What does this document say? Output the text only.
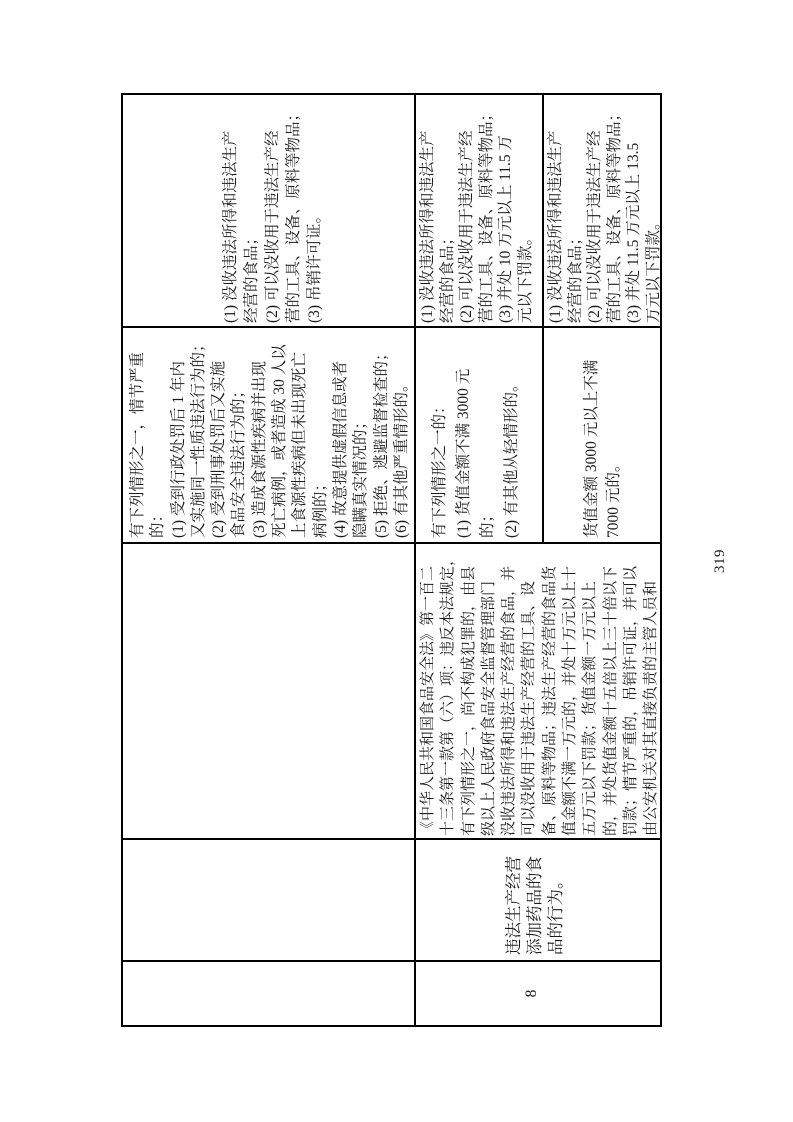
有下列情形之一，情节严重 的： (1) 受到行政处罚后 1 年内 又实施同一性质违法行为的； (2) 受到刑事处罚后又实施 食品安全违法行为的； (3) 造成食源性疾病并出现 死亡病例，或者造成 30 人以 上食源性疾病但未出现死亡 病例的； (4) 故意提供虚假信息或者 隐瞒真实情况的； (5) 拒绝、逃避监督检查的； (6) 有其他严重情形的。
(1) 没收违法所得和违法生产 经营的食品； (2) 可以没收用于违法生产经 营的工具、设备、原料等物品； (3) 吊销许可证。
8
违法生产经营 添加药品的食 品的行为。
《中华人民共和国食品安全法》第一百二 十三条第一款第（六）项：违反本法规定， 有下列情形之一，尚不构成犯罪的，由县 级以上人民政府食品安全监督管理部门 没收违法所得和违法生产经营的食品，并 可以没收用于违法生产经营的工具、设 备、原料等物品；违法生产经营的食品货 值金额不满一万元的，并处十万元以上十 五万元以下罚款；货值金额一万元以上 的，并处货值金额十五倍以上三十倍以下 罚款；情节严重的，吊销许可证，并可以 由公安机关对其直接负责的主管人员和
有下列情形之一的： (1) 货值金额不满 3000 元 的； (2) 有其他从轻情形的。
(1) 没收违法所得和违法生产 经营的食品； (2) 可以没收用于违法生产经 营的工具、设备、原料等物品； (3) 并处 10 万元以上 11.5 万 元以下罚款。
货值金额 3000 元以上不满 7000 元的。
(1) 没收违法所得和违法生产 经营的食品； (2) 可以没收用于违法生产经 营的工具、设备、原料等物品； (3) 并处 11.5 万元以上 13.5 万元以下罚款。
319
